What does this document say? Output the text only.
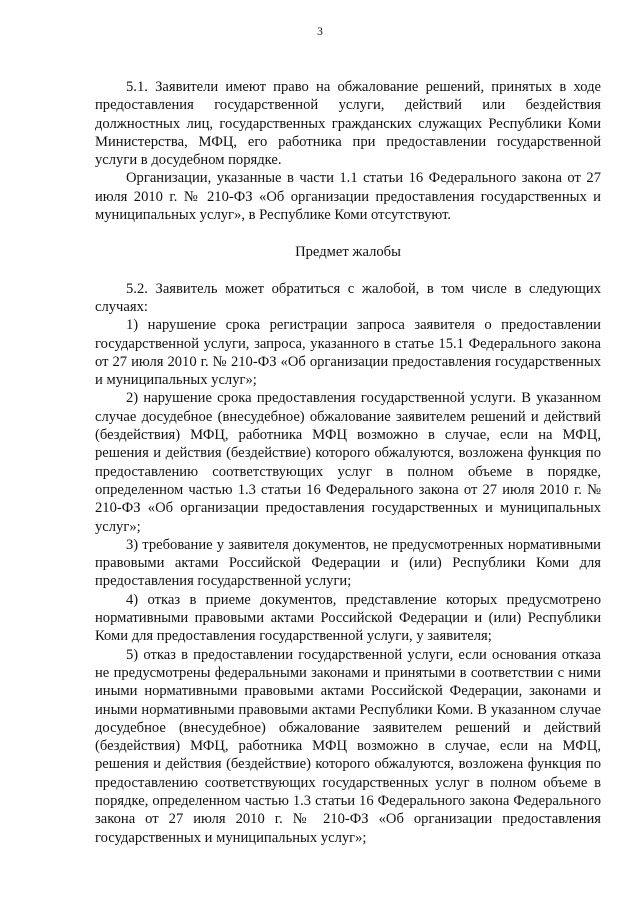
3

5.1. Заявители имеют право на обжалование решений, принятых в ходе предоставления государственной услуги, действий или бездействия должностных лиц, государственных гражданских служащих Республики Коми Министерства, МФЦ, его работника при предоставлении государственной услуги в досудебном порядке.

Организации, указанные в части 1.1 статьи 16 Федерального закона от 27 июля 2010 г. № 210-ФЗ «Об организации предоставления государственных и муниципальных услуг», в Республике Коми отсутствуют.

Предмет жалобы

5.2. Заявитель может обратиться с жалобой, в том числе в следующих случаях:

1) нарушение срока регистрации запроса заявителя о предоставлении государственной услуги, запроса, указанного в статье 15.1 Федерального закона от 27 июля 2010 г. № 210-ФЗ «Об организации предоставления государственных и муниципальных услуг»;

2) нарушение срока предоставления государственной услуги. В указанном случае досудебное (внесудебное) обжалование заявителем решений и действий (бездействия) МФЦ, работника МФЦ возможно в случае, если на МФЦ, решения и действия (бездействие) которого обжалуются, возложена функция по предоставлению соответствующих услуг в полном объеме в порядке, определенном частью 1.3 статьи 16 Федерального закона от 27 июля 2010 г. № 210-ФЗ «Об организации предоставления государственных и муниципальных услуг»;

3) требование у заявителя документов, не предусмотренных нормативными правовыми актами Российской Федерации и (или) Республики Коми для предоставления государственной услуги;

4) отказ в приеме документов, представление которых предусмотрено нормативными правовыми актами Российской Федерации и (или) Республики Коми для предоставления государственной услуги, у заявителя;

5) отказ в предоставлении государственной услуги, если основания отказа не предусмотрены федеральными законами и принятыми в соответствии с ними иными нормативными правовыми актами Российской Федерации, законами и иными нормативными правовыми актами Республики Коми. В указанном случае досудебное (внесудебное) обжалование заявителем решений и действий (бездействия) МФЦ, работника МФЦ возможно в случае, если на МФЦ, решения и действия (бездействие) которого обжалуются, возложена функция по предоставлению соответствующих государственных услуг в полном объеме в порядке, определенном частью 1.3 статьи 16 Федерального закона Федерального закона от 27 июля 2010 г. № 210-ФЗ «Об организации предоставления государственных и муниципальных услуг»;
